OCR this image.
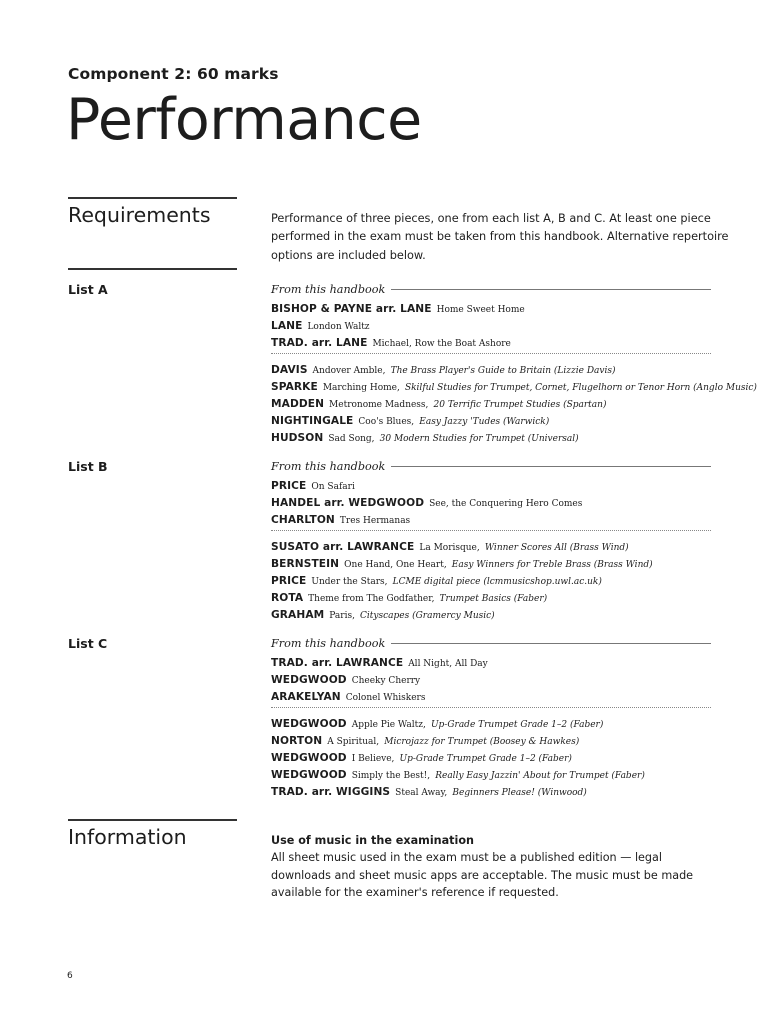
Component 2: 60 marks
Performance
Requirements	Performance of three pieces, one from each list A, B and C. At least one piece performed in the exam must be taken from this handbook. Alternative repertoire options are included below.
List A
List B
List C
From this handbook
BISHOP & PAYNE arr. LANE Home Sweet Home
LANE London Waltz
TRAD. arr. LANE Michael, Row the Boat Ashore
DAVIS Andover Amble, The Brass Player's Guide to Britain (Lizzie Davis)
SPARKE Marching Home, Skilful Studies for Trumpet, Cornet, Flugelhorn or Tenor Horn (Anglo Music)
MADDEN Metronome Madness, 20 Terrific Trumpet Studies (Spartan)
NIGHTINGALE Coo's Blues, Easy Jazzy 'Tudes (Warwick)
HUDSON Sad Song, 30 Modern Studies for Trumpet (Universal)
From this handbook
PRICE On Safari
HANDEL arr. WEDGWOOD See, the Conquering Hero Comes
CHARLTON Tres Hermanas
SUSATO arr. LAWRANCE La Morisque, Winner Scores All (Brass Wind)
BERNSTEIN One Hand, One Heart, Easy Winners for Treble Brass (Brass Wind)
PRICE Under the Stars, LCME digital piece (lcmmusicshop.uwl.ac.uk)
ROTA Theme from The Godfather, Trumpet Basics (Faber)
GRAHAM Paris, Cityscapes (Gramercy Music)
From this handbook
TRAD. arr. LAWRANCE All Night, All Day
WEDGWOOD Cheeky Cherry
ARAKELYAN Colonel Whiskers
WEDGWOOD Apple Pie Waltz, Up-Grade Trumpet Grade 1–2 (Faber)
NORTON A Spiritual, Microjazz for Trumpet (Boosey & Hawkes)
WEDGWOOD I Believe, Up-Grade Trumpet Grade 1–2 (Faber)
WEDGWOOD Simply the Best!, Really Easy Jazzin' About for Trumpet (Faber)
TRAD. arr. WIGGINS Steal Away, Beginners Please! (Winwood)
Information	Use of music in the examination
All sheet music used in the exam must be a published edition — legal downloads and sheet music apps are acceptable. The music must be made available for the examiner's reference if requested.
6
